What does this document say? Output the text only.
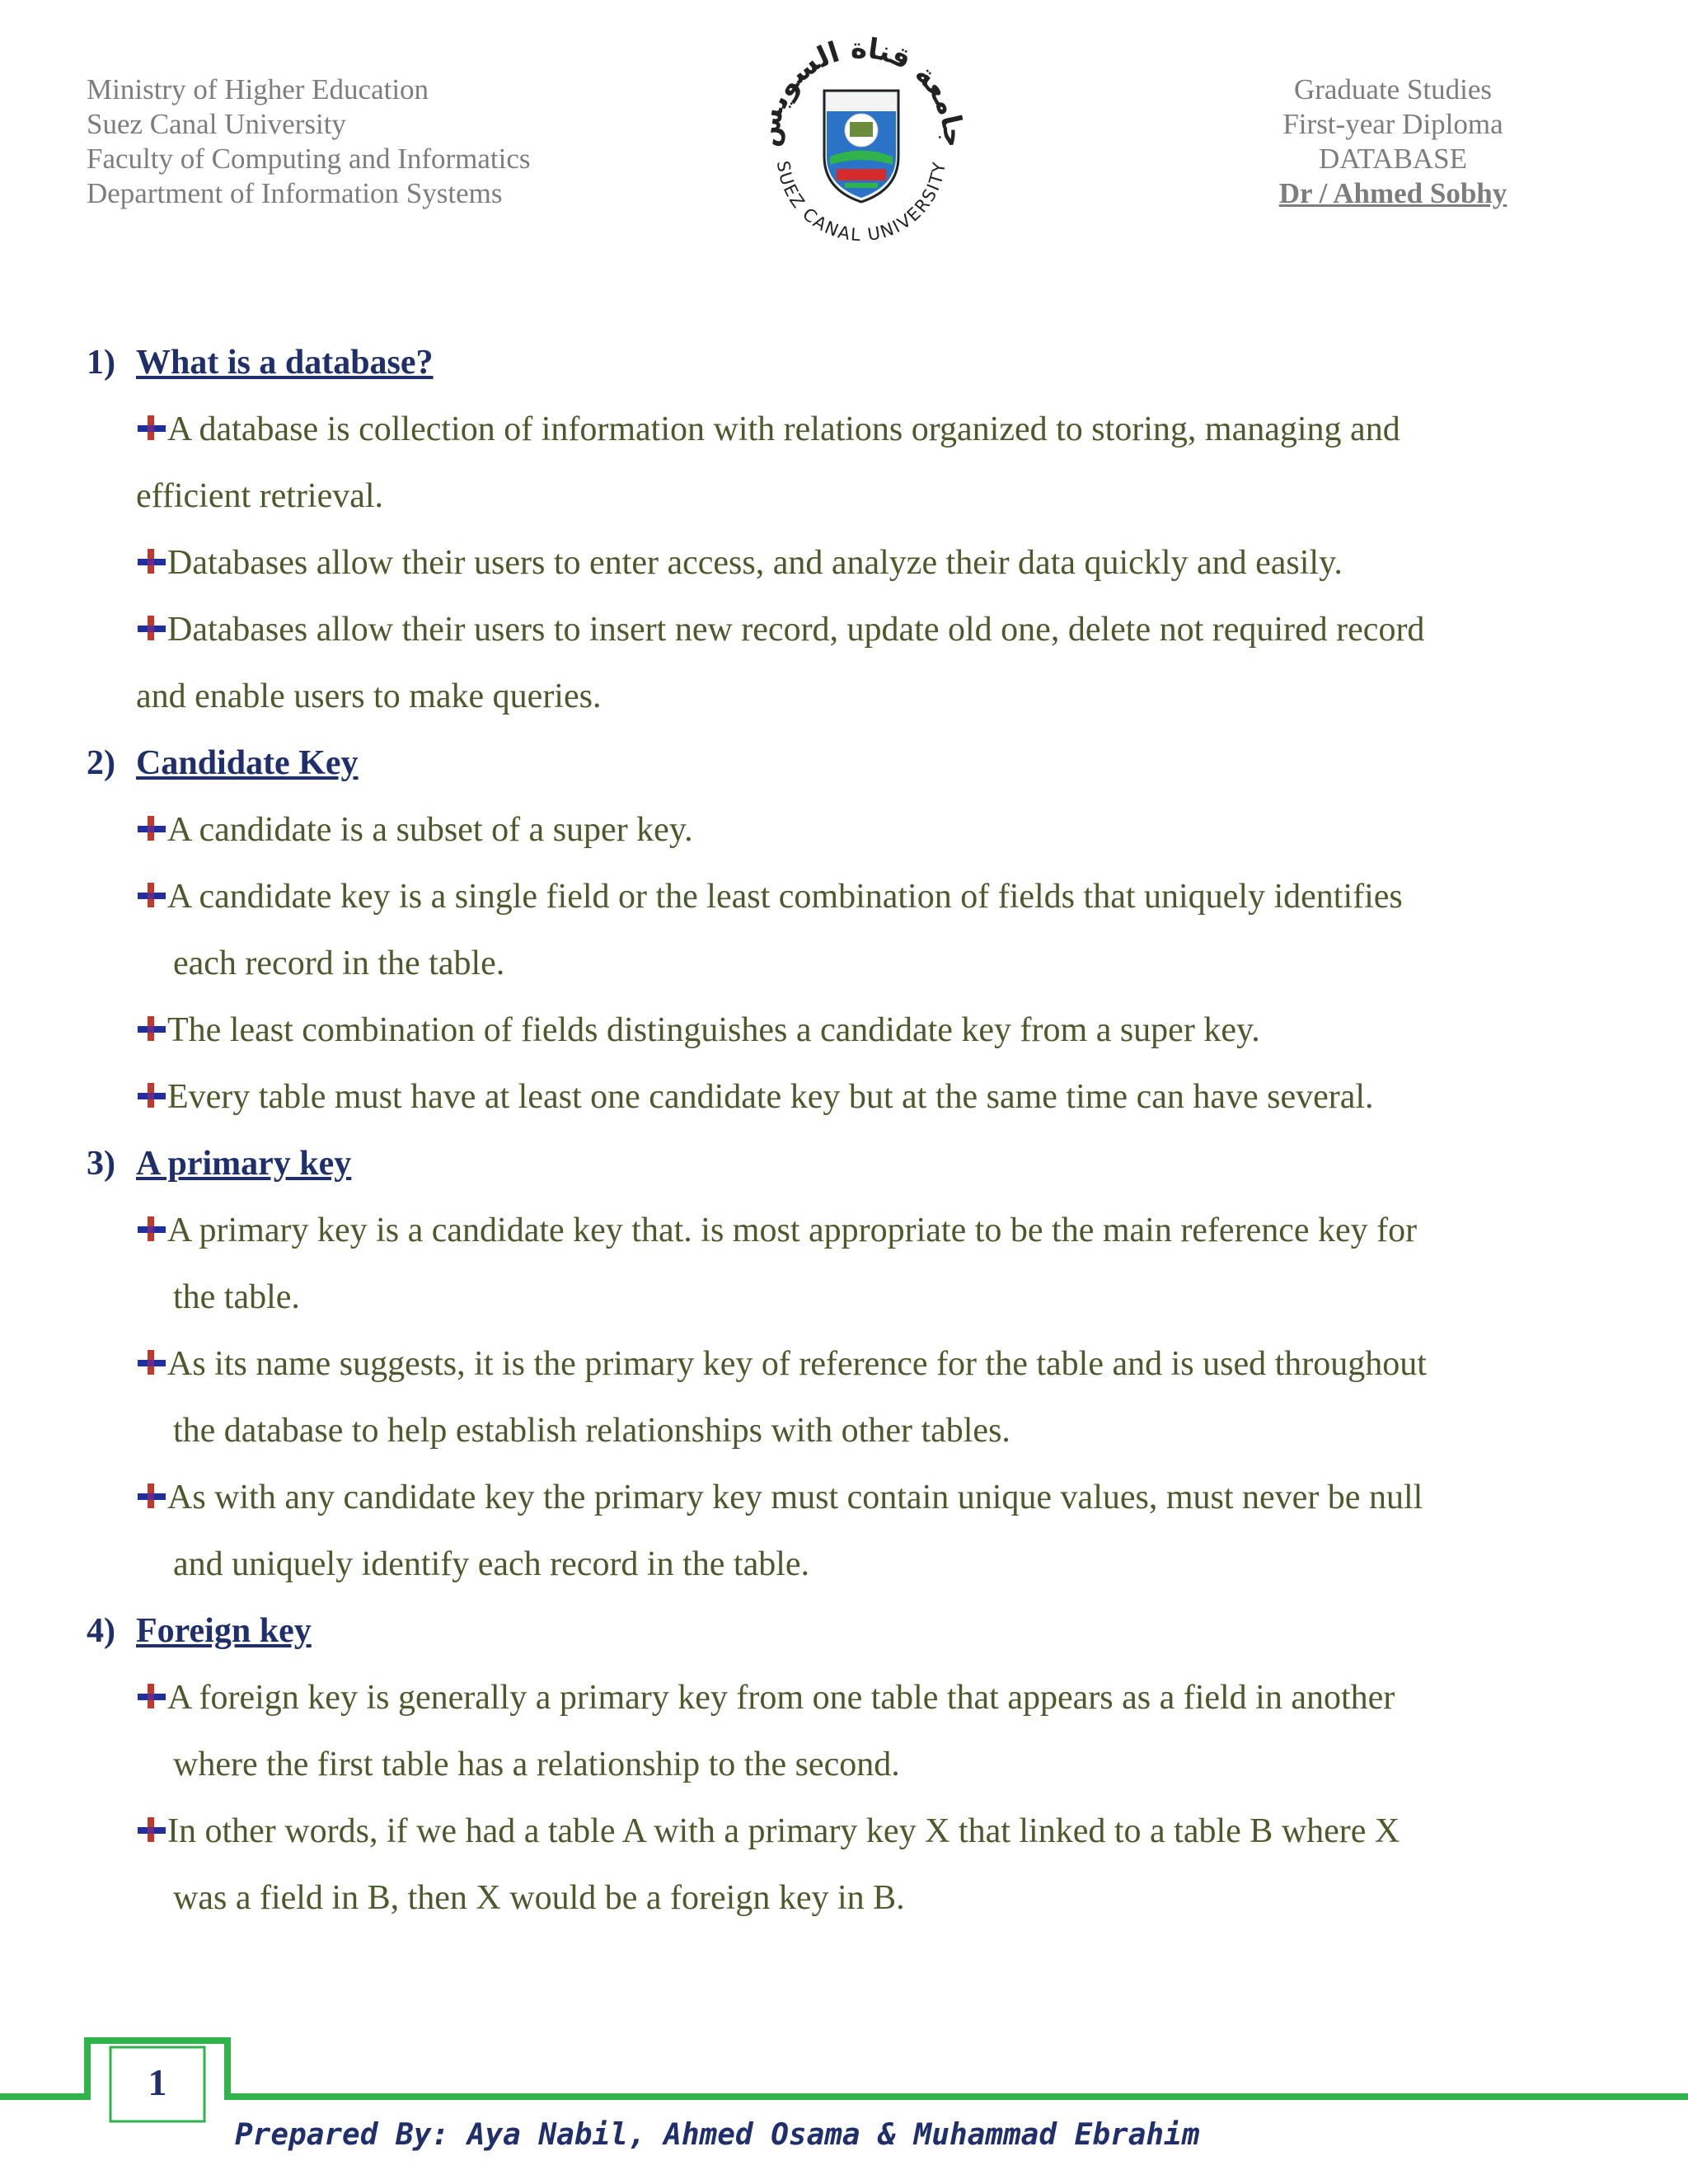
Ministry of Higher Education
Suez Canal University
Faculty of Computing and Informatics
Department of Information Systems
جامعة قناة السويس
SUEZ CANAL UNIVERSITY
Graduate Studies
First-year Diploma
DATABASE
Dr / Ahmed Sobhy
1) What is a database?
A database is collection of information with relations organized to storing, managing and
efficient retrieval.
Databases allow their users to enter access, and analyze their data quickly and easily.
Databases allow their users to insert new record, update old one, delete not required record
and enable users to make queries.
2) Candidate Key
A candidate is a subset of a super key.
A candidate key is a single field or the least combination of fields that uniquely identifies
each record in the table.
The least combination of fields distinguishes a candidate key from a super key.
Every table must have at least one candidate key but at the same time can have several.
3) A primary key
A primary key is a candidate key that. is most appropriate to be the main reference key for
the table.
As its name suggests, it is the primary key of reference for the table and is used throughout
the database to help establish relationships with other tables.
As with any candidate key the primary key must contain unique values, must never be null
and uniquely identify each record in the table.
4) Foreign key
A foreign key is generally a primary key from one table that appears as a field in another
where the first table has a relationship to the second.
In other words, if we had a table A with a primary key X that linked to a table B where X
was a field in B, then X would be a foreign key in B.
1
Prepared By: Aya Nabil, Ahmed Osama & Muhammad Ebrahim
